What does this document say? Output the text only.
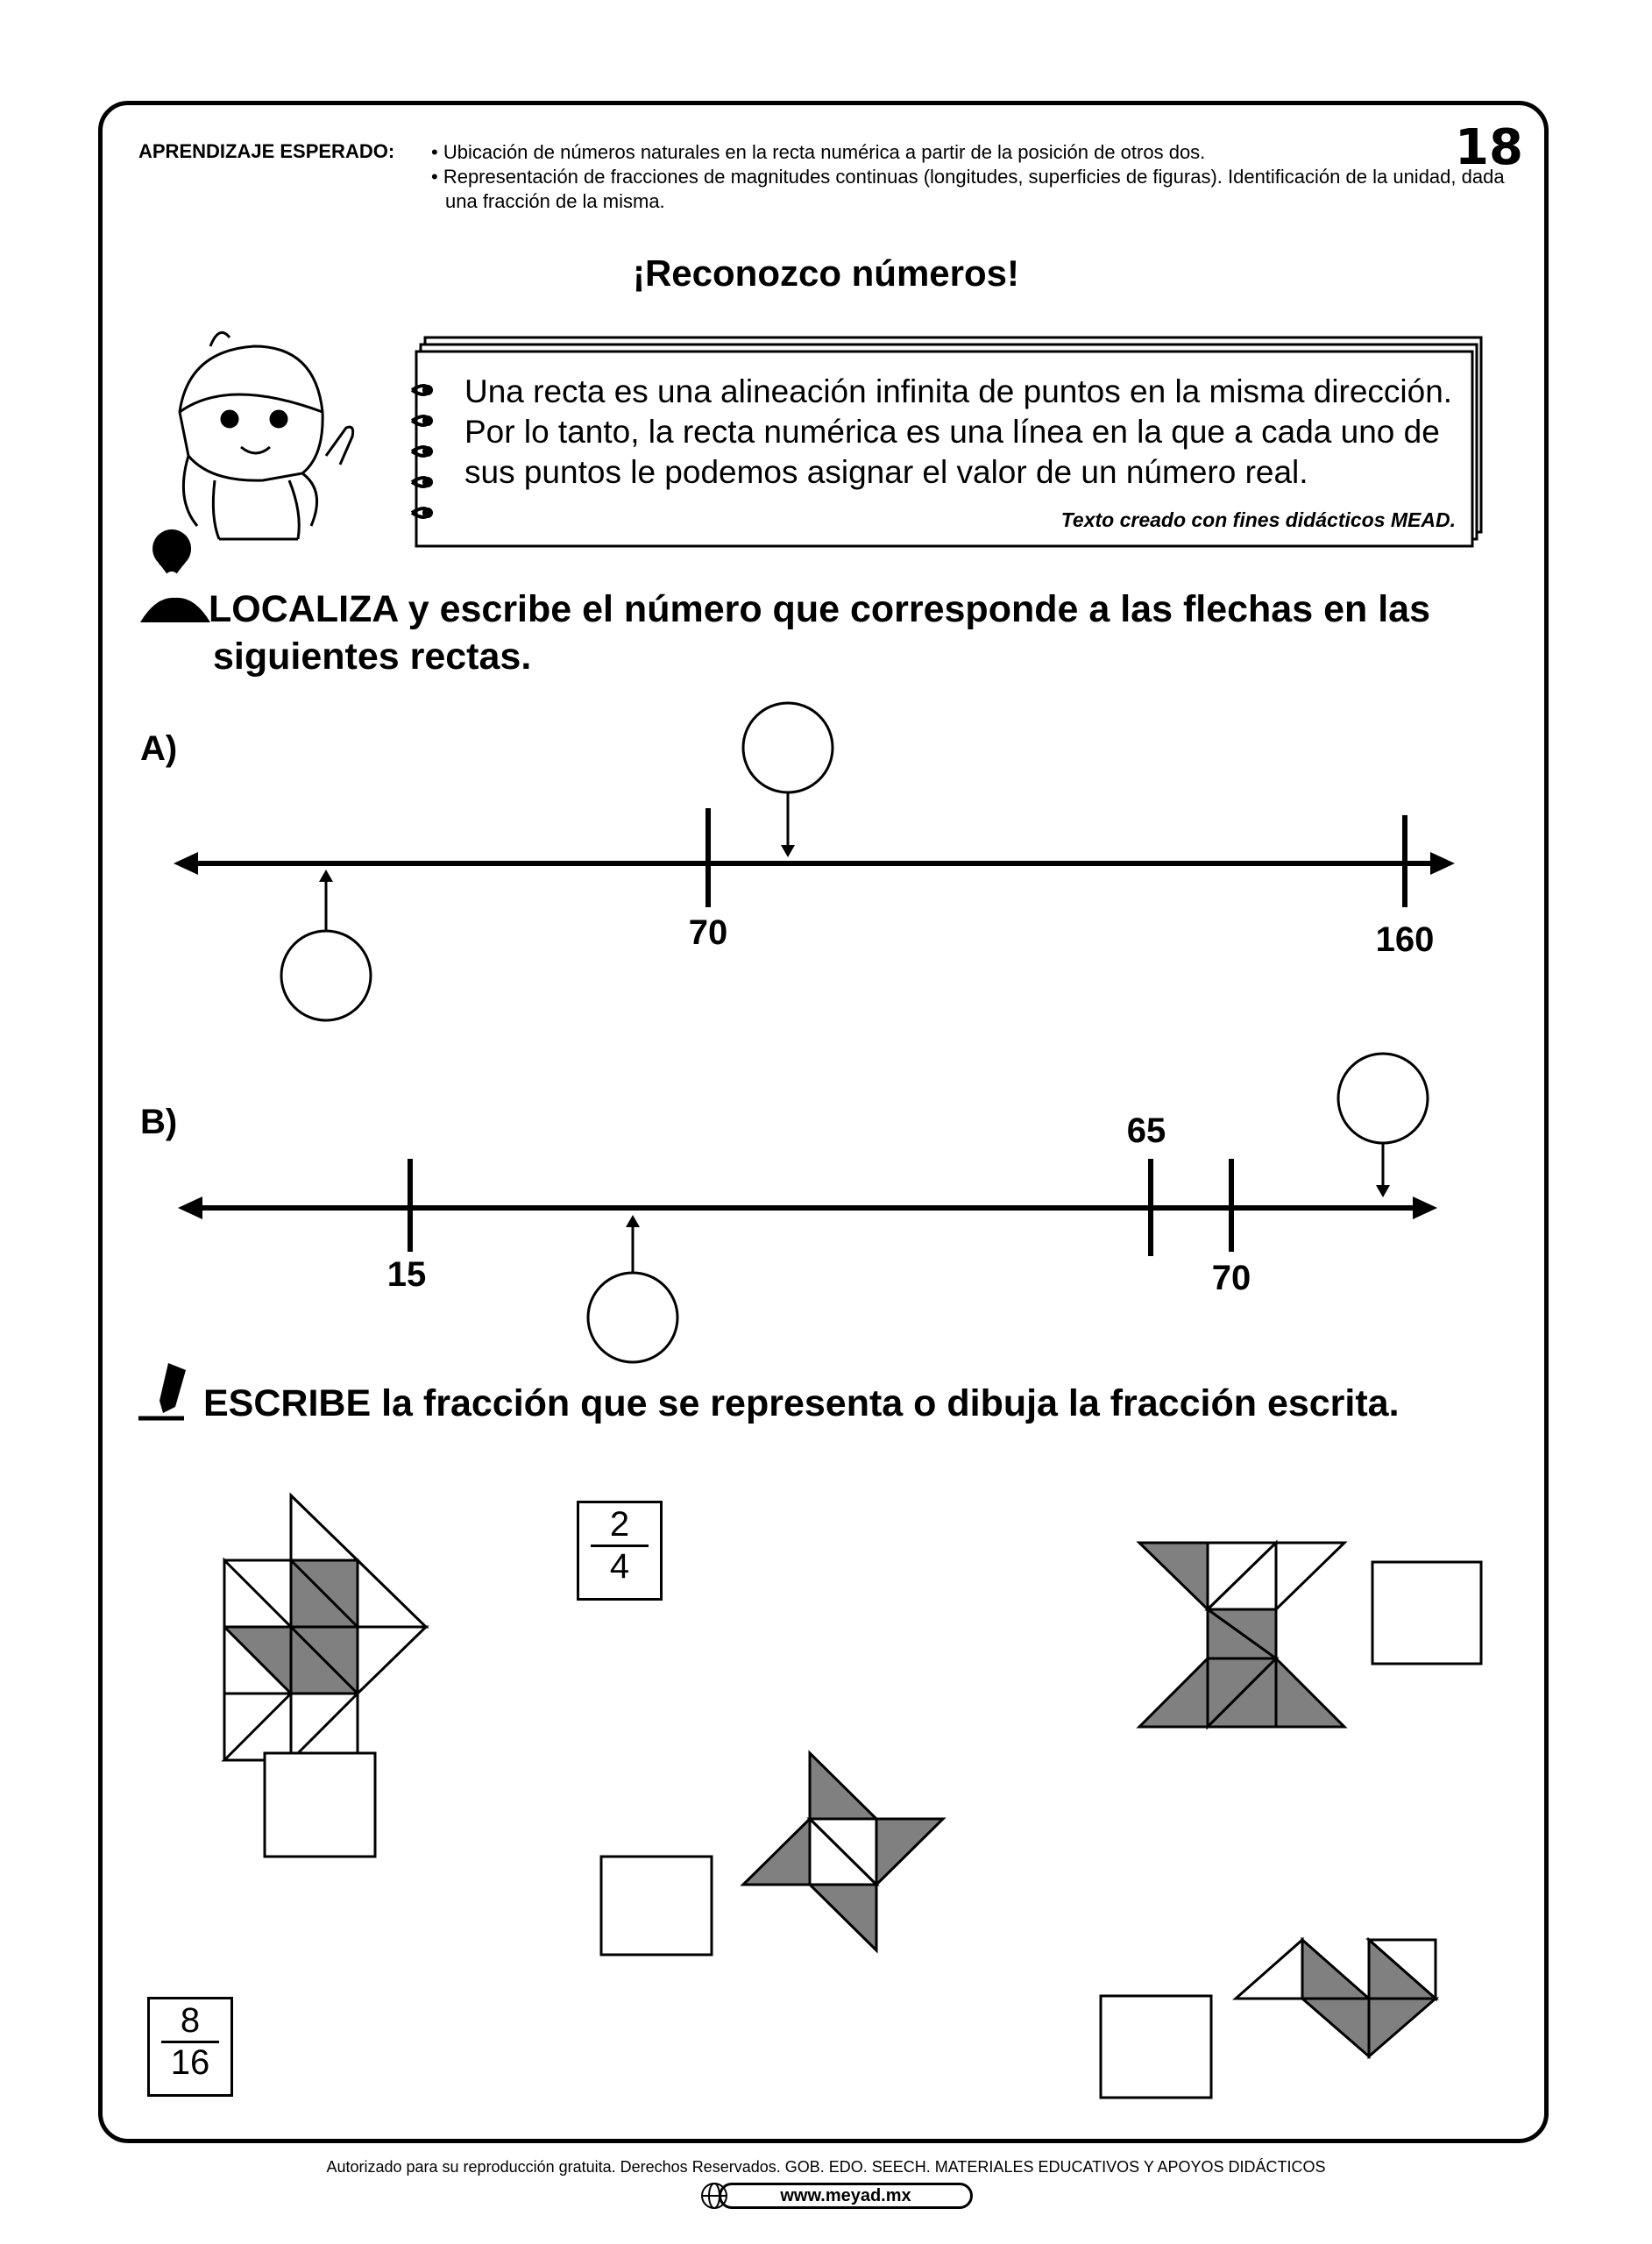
APRENDIZAJE ESPERADO: • Ubicación de números naturales en la recta numérica a partir de la posición de otros dos.
• Representación de fracciones de magnitudes continuas (longitudes, superficies de figuras). Identificación de la unidad, dada una fracción de la misma.
18
¡Reconozco números!
Una recta es una alineación infinita de puntos en la misma dirección. Por lo tanto, la recta numérica es una línea en la que a cada uno de sus puntos le podemos asignar el valor de un número real.
Texto creado con fines didácticos MEAD.
LOCALIZA y escribe el número que corresponde a las flechas en las
siguientes rectas.
A)
70	160
B)
15
65
70
ESCRIBE la fracción que se representa o dibuja la fracción escrita.
2
4
8
16
Autorizado para su reproducción gratuita. Derechos Reservados. GOB. EDO. SEECH. MATERIALES EDUCATIVOS Y APOYOS DIDÁCTICOS
www.meyad.mx
